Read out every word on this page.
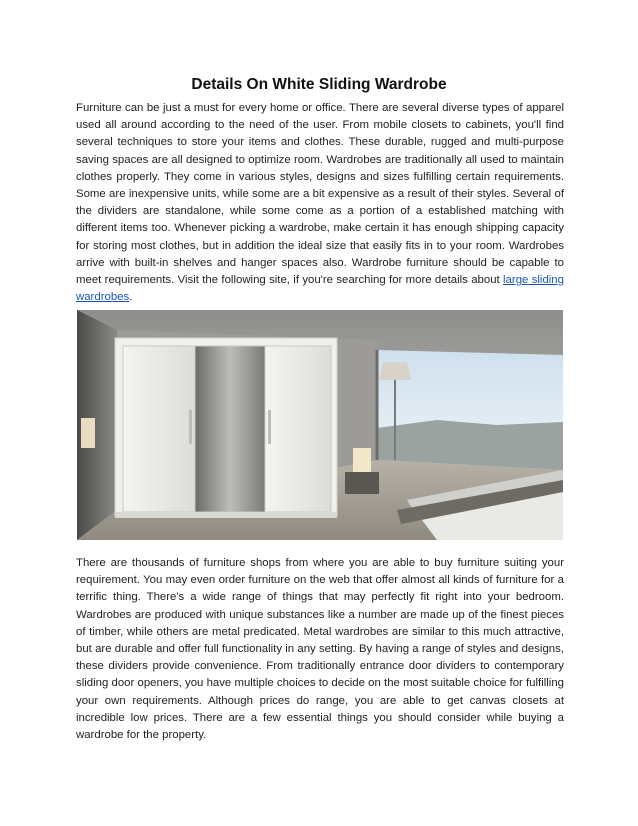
Details On White Sliding Wardrobe

Furniture can be just a must for every home or office. There are several diverse types of apparel used all around according to the need of the user. From mobile closets to cabinets, you'll find several techniques to store your items and clothes. These durable, rugged and multi-purpose saving spaces are all designed to optimize room. Wardrobes are traditionally all used to maintain clothes properly. They come in various styles, designs and sizes fulfilling certain requirements. Some are inexpensive units, while some are a bit expensive as a result of their styles. Several of the dividers are standalone, while some come as a portion of a established matching with different items too. Whenever picking a wardrobe, make certain it has enough shipping capacity for storing most clothes, but in addition the ideal size that easily fits in to your room. Wardrobes arrive with built-in shelves and hanger spaces also. Wardrobe furniture should be capable to meet requirements. Visit the following site, if you're searching for more details about large sliding wardrobes.

There are thousands of furniture shops from where you are able to buy furniture suiting your requirement. You may even order furniture on the web that offer almost all kinds of furniture for a terrific thing. There's a wide range of things that may perfectly fit right into your bedroom. Wardrobes are produced with unique substances like a number are made up of the finest pieces of timber, while others are metal predicated. Metal wardrobes are similar to this much attractive, but are durable and offer full functionality in any setting. By having a range of styles and designs, these dividers provide convenience. From traditionally entrance door dividers to contemporary sliding door openers, you have multiple choices to decide on the most suitable choice for fulfilling your own requirements. Although prices do range, you are able to get canvas closets at incredible low prices. There are a few essential things you should consider while buying a wardrobe for the property.
